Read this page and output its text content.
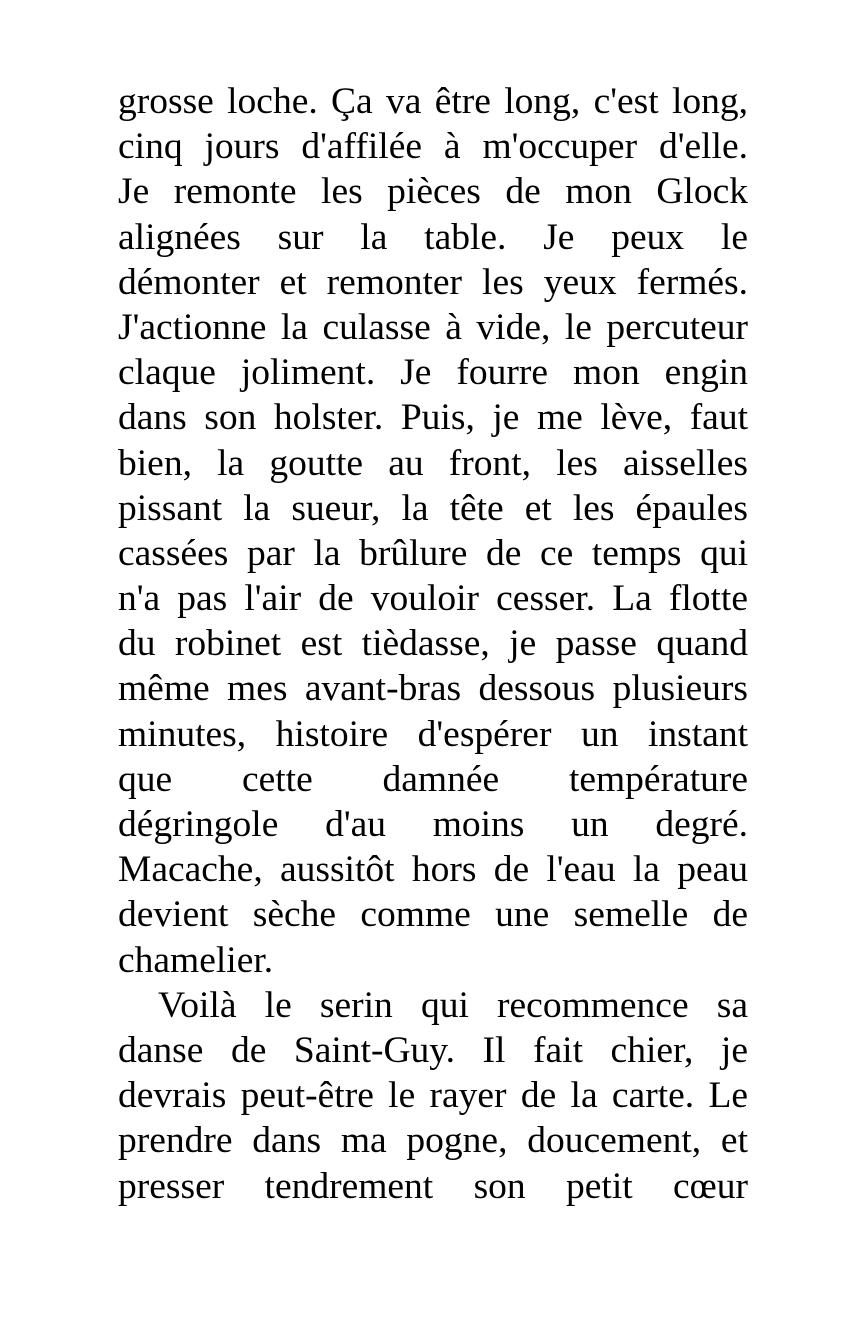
grosse loche. Ça va être long, c'est long,
cinq jours d'affilée à m'occuper d'elle.
Je remonte les pièces de mon Glock
alignées sur la table. Je peux le
démonter et remonter les yeux fermés.
J'actionne la culasse à vide, le percuteur
claque joliment. Je fourre mon engin
dans son holster. Puis, je me lève, faut
bien, la goutte au front, les aisselles
pissant la sueur, la tête et les épaules
cassées par la brûlure de ce temps qui
n'a pas l'air de vouloir cesser. La flotte
du robinet est tièdasse, je passe quand
même mes avant-bras dessous plusieurs
minutes, histoire d'espérer un instant
que cette damnée température
dégringole d'au moins un degré.
Macache, aussitôt hors de l'eau la peau
devient sèche comme une semelle de
chamelier.
Voilà le serin qui recommence sa
danse de Saint-Guy. Il fait chier, je
devrais peut-être le rayer de la carte. Le
prendre dans ma pogne, doucement, et
presser tendrement son petit cœur
